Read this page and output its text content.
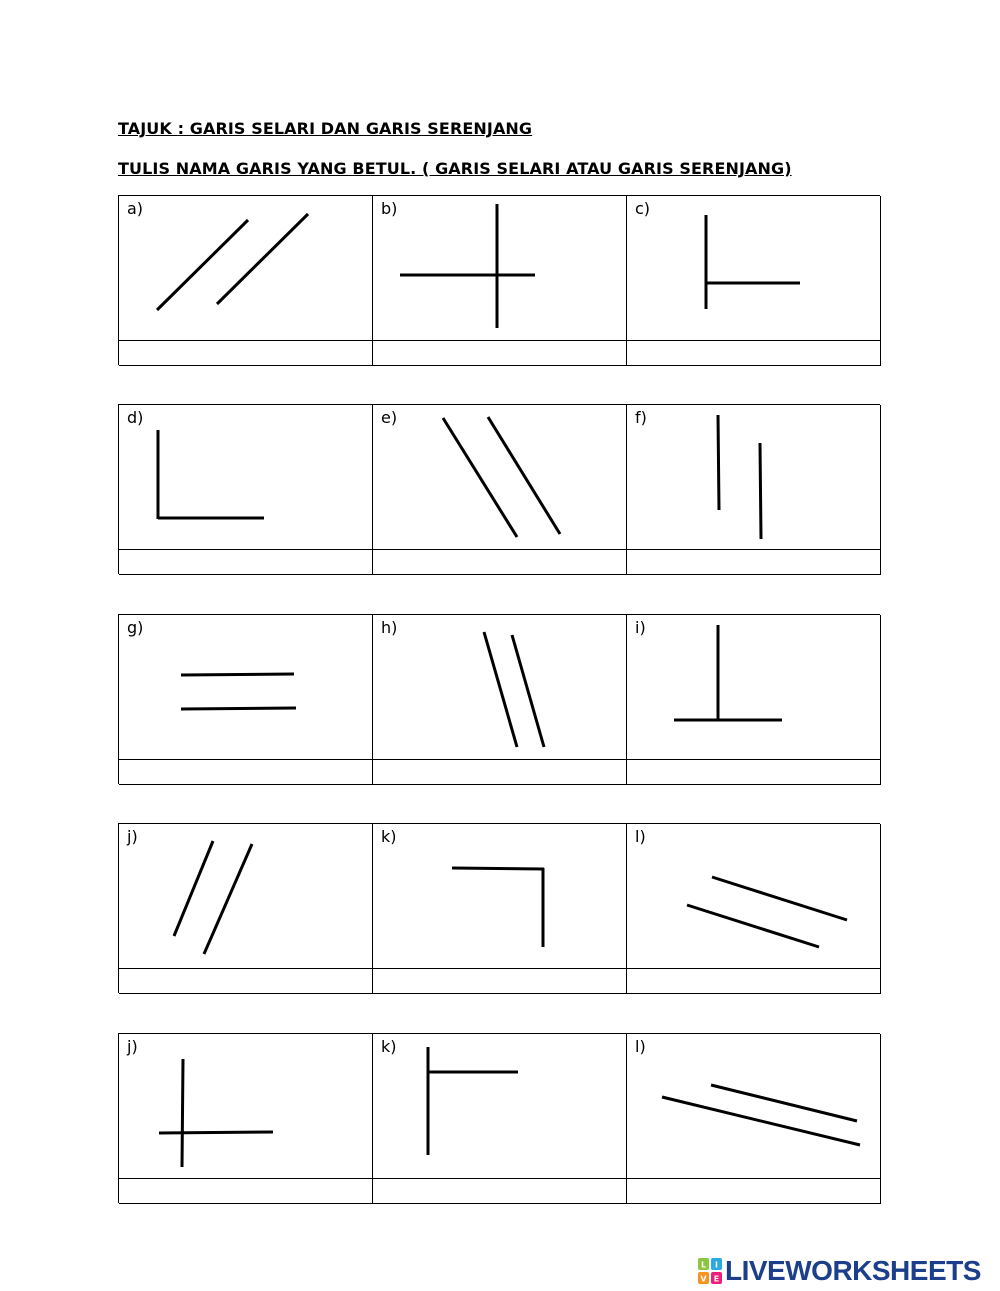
TAJUK : GARIS SELARI DAN GARIS SERENJANG
TULIS NAMA GARIS YANG BETUL. ( GARIS SELARI ATAU GARIS SERENJANG)
a)	b)	c)
d)	e)	f)
g)	h)	i)
j)	k)	l)
j)	k)	l)
L I
V E LIVEWORKSHEETS
